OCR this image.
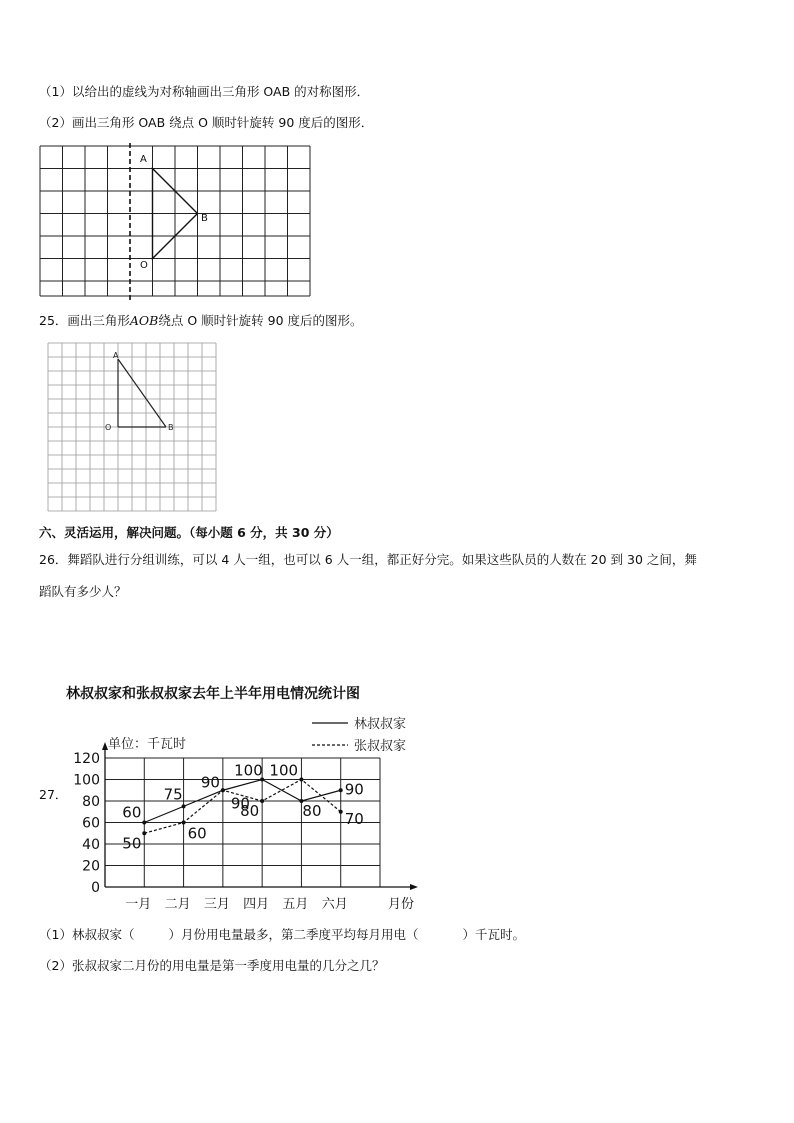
（1）以给出的虚线为对称轴画出三角形 OAB 的对称图形．
（2）画出三角形 OAB 绕点 O 顺时针旋转 90 度后的图形．
A
B
O
25．画出三角形AOB绕点 O 顺时针旋转 90 度后的图形。
A
O	B
六、灵活运用，解决问题。（每小题 6 分，共 30 分）
26．舞蹈队进行分组训练，可以 4 人一组，也可以 6 人一组，都正好分完。如果这些队员的人数在 20 到 30 之间，舞
蹈队有多少人？
27．
林叔叔家和张叔叔家去年上半年用电情况统计图
单位：千瓦时
林叔叔家
张叔叔家
0
20
40
60
80
100
120
一月 二月 三月 四月 五月 六月	月份
60
50
75
60
90
90
100
80	80
100
90
70
（1）林叔叔家（	）月份用电量最多，第二季度平均每月用电（	）千瓦时。
（2）张叔叔家二月份的用电量是第一季度用电量的几分之几？
